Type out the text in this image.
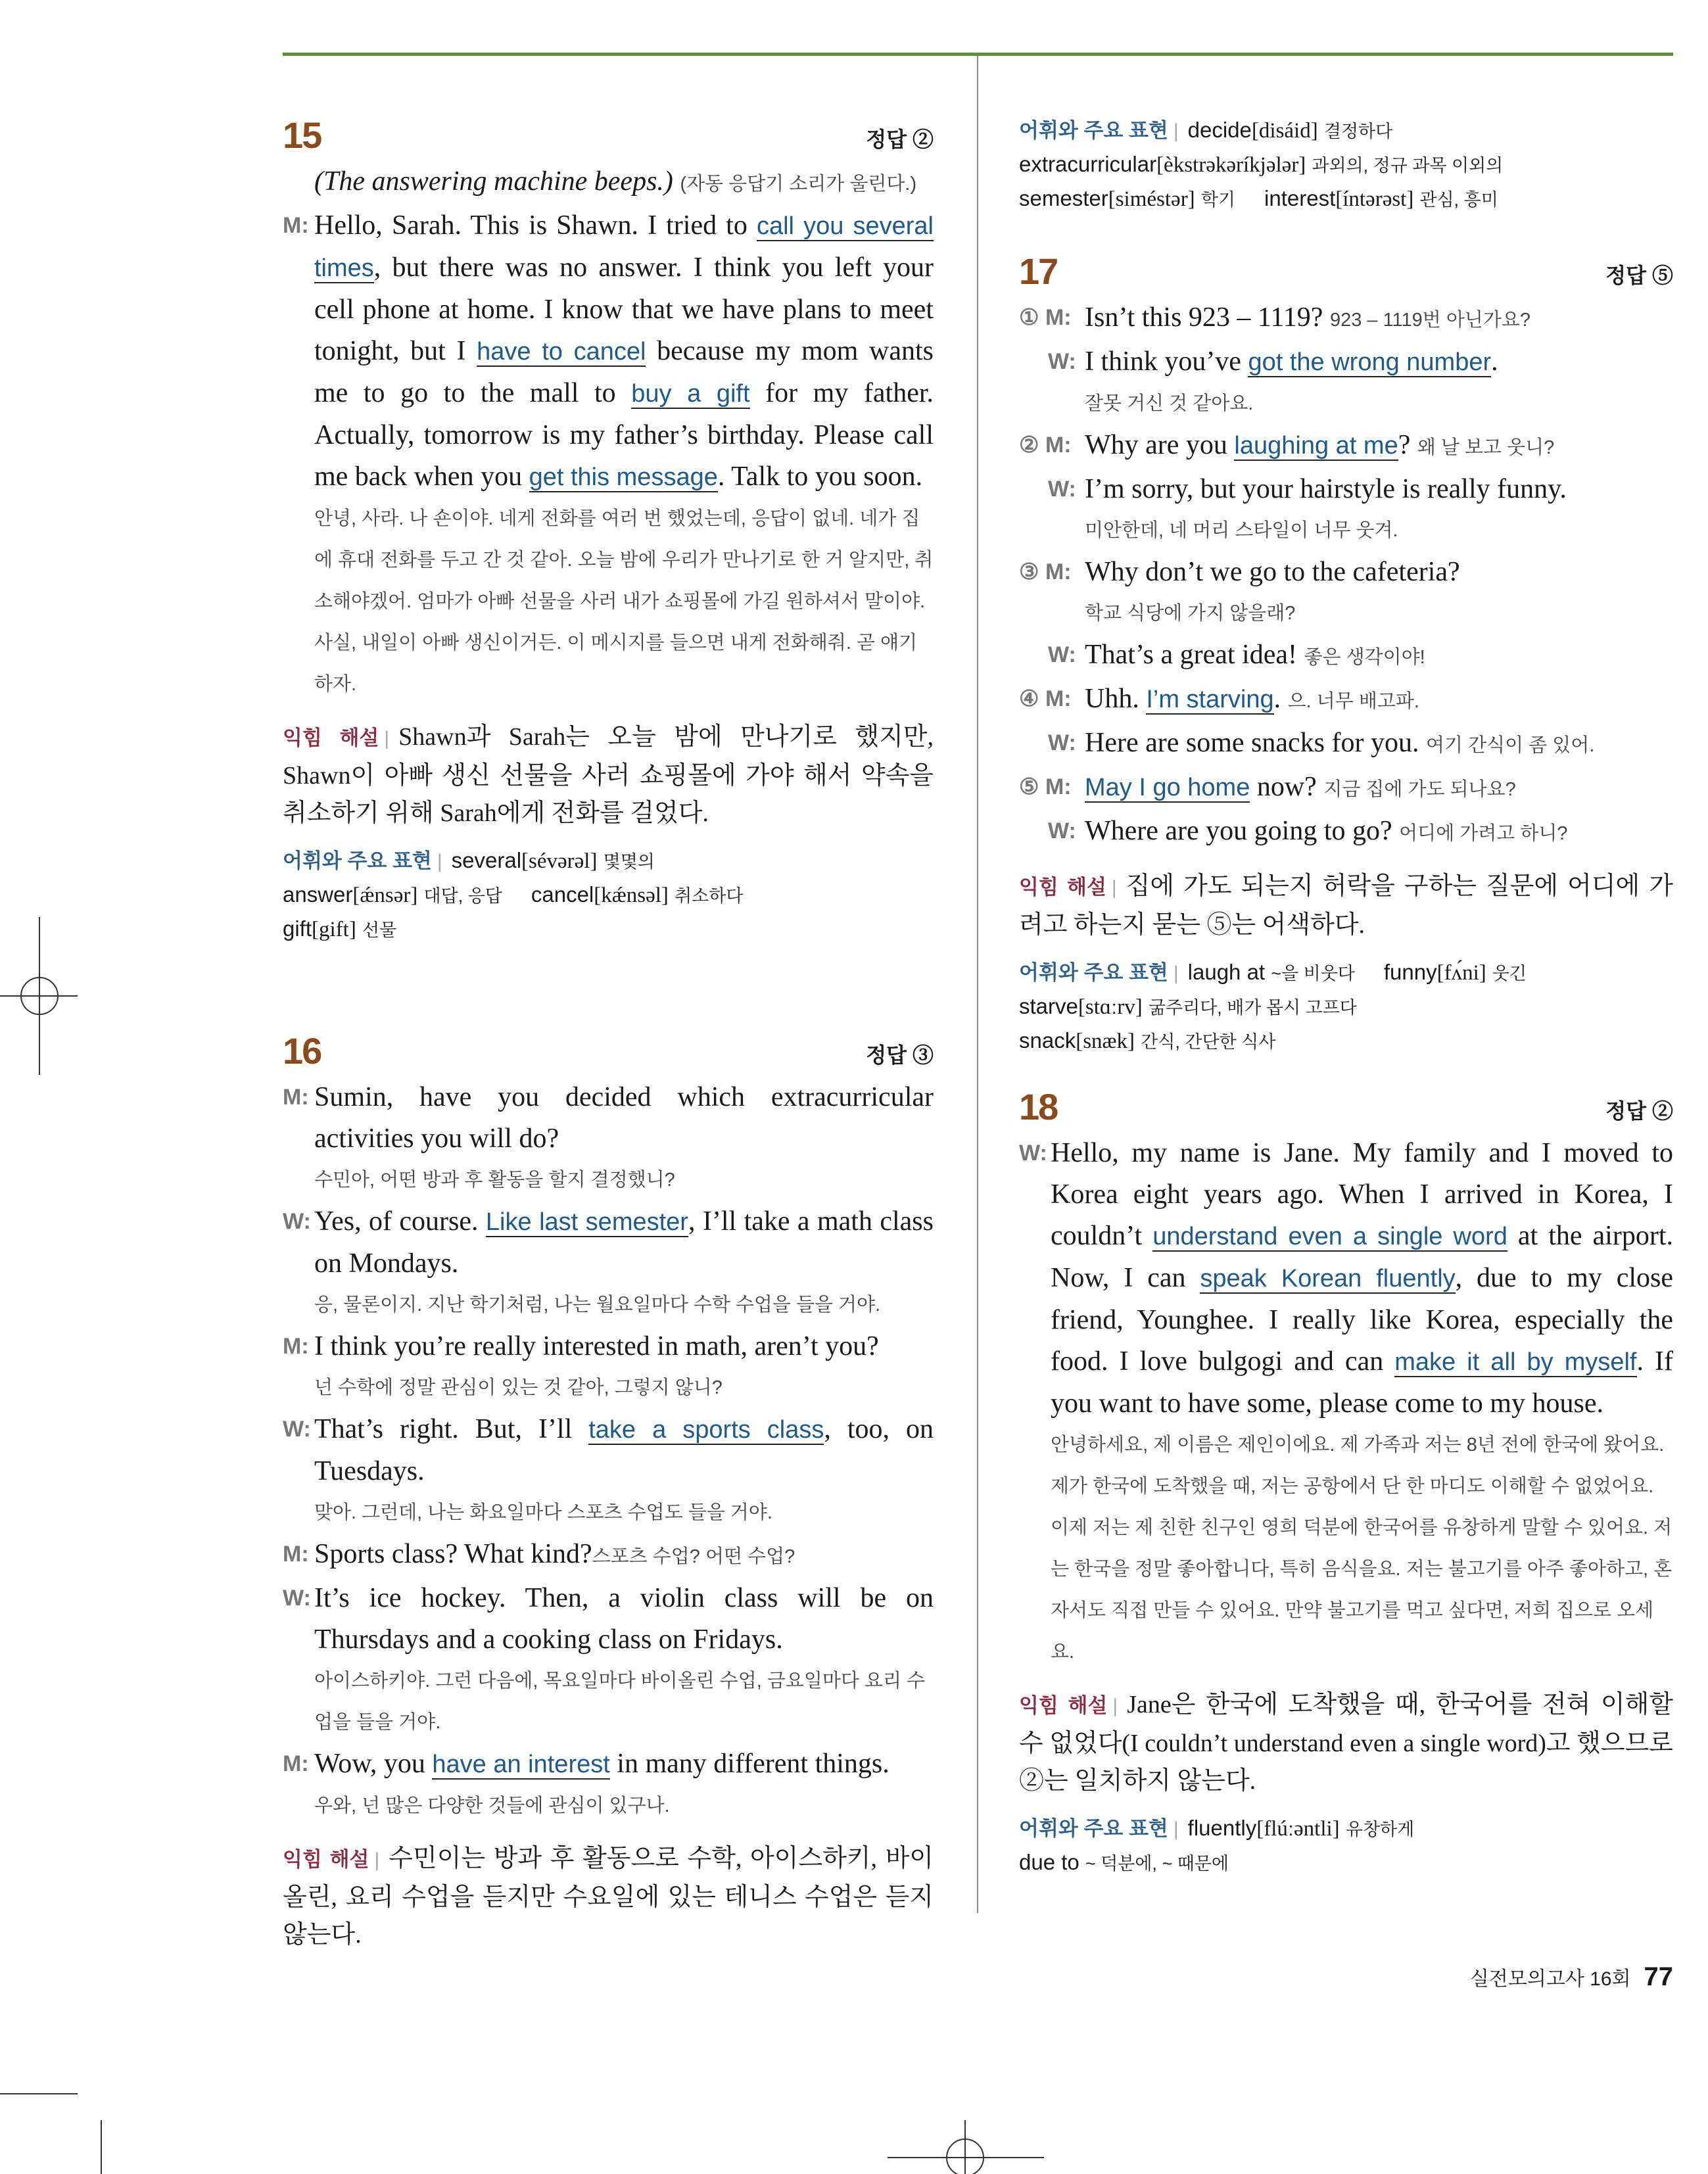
15	정답 ②
(The answering machine beeps.) (자동 응답기 소리가 울린다.)
M: Hello, Sarah. This is Shawn. I tried to call you several times, but there was no answer. I think you left your cell phone at home. I know that we have plans to meet tonight, but I have to cancel because my mom wants me to go to the mall to buy a gift for my father. Actually, tomorrow is my father’s birthday. Please call me back when you get this message. Talk to you soon.
안녕, 사라. 나 숀이야. 네게 전화를 여러 번 했었는데, 응답이 없네. 네가 집에 휴대 전화를 두고 간 것 같아. 오늘 밤에 우리가 만나기로 한 거 알지만, 취소해야겠어. 엄마가 아빠 선물을 사러 내가 쇼핑몰에 가길 원하셔서 말이야. 사실, 내일이 아빠 생신이거든. 이 메시지를 들으면 내게 전화해줘. 곧 얘기하자.
익힘 해설 | Shawn과 Sarah는 오늘 밤에 만나기로 했지만, Shawn이 아빠 생신 선물을 사러 쇼핑몰에 가야 해서 약속을 취소하기 위해 Sarah에게 전화를 걸었다.
어휘와 주요 표현 | several[sévərəl] 몇몇의
answer[ǽnsər] 대답, 응답 cancel[kǽnsəl] 취소하다
gift[gift] 선물
16	정답 ③
M: Sumin, have you decided which extracurricular activities you will do?
수민아, 어떤 방과 후 활동을 할지 결정했니?
W: Yes, of course. Like last semester, I’ll take a math class on Mondays.
응, 물론이지. 지난 학기처럼, 나는 월요일마다 수학 수업을 들을 거야.
M: I think you’re really interested in math, aren’t you?
넌 수학에 정말 관심이 있는 것 같아, 그렇지 않니?
W: That’s right. But, I’ll take a sports class, too, on Tuesdays.
맞아. 그런데, 나는 화요일마다 스포츠 수업도 들을 거야.
M: Sports class? What kind?스포츠 수업? 어떤 수업?
W: It’s ice hockey. Then, a violin class will be on Thursdays and a cooking class on Fridays.
아이스하키야. 그런 다음에, 목요일마다 바이올린 수업, 금요일마다 요리 수업을 들을 거야.
M: Wow, you have an interest in many different things.
우와, 넌 많은 다양한 것들에 관심이 있구나.
익힘 해설 | 수민이는 방과 후 활동으로 수학, 아이스하키, 바이올린, 요리 수업을 듣지만 수요일에 있는 테니스 수업은 듣지 않는다.
어휘와 주요 표현 | decide[disáid] 결정하다
extracurricular[èkstrəkəríkjələr] 과외의, 정규 과목 이외의
semester[siméstər] 학기 interest[íntərəst] 관심, 흥미
17	정답 ⑤
① M: Isn’t this 923 – 1119? 923 – 1119번 아닌가요?
W: I think you’ve got the wrong number.
잘못 거신 것 같아요.
② M: Why are you laughing at me? 왜 날 보고 웃니?
W: I’m sorry, but your hairstyle is really funny.
미안한데, 네 머리 스타일이 너무 웃겨.
③ M: Why don’t we go to the cafeteria?
학교 식당에 가지 않을래?
W: That’s a great idea! 좋은 생각이야!
④ M: Uhh. I’m starving. 으. 너무 배고파.
W: Here are some snacks for you. 여기 간식이 좀 있어.
⑤ M: May I go home now? 지금 집에 가도 되나요?
W: Where are you going to go? 어디에 가려고 하니?
익힘 해설 | 집에 가도 되는지 허락을 구하는 질문에 어디에 가려고 하는지 묻는 ⑤는 어색하다.
어휘와 주요 표현 | laugh at ~을 비웃다 funny[fʌ́ni] 웃긴
starve[stɑːrv] 굶주리다, 배가 몹시 고프다
snack[snæk] 간식, 간단한 식사
18	정답 ②
W: Hello, my name is Jane. My family and I moved to Korea eight years ago. When I arrived in Korea, I couldn’t understand even a single word at the airport. Now, I can speak Korean fluently, due to my close friend, Younghee. I really like Korea, especially the food. I love bulgogi and can make it all by myself. If you want to have some, please come to my house.
안녕하세요, 제 이름은 제인이에요. 제 가족과 저는 8년 전에 한국에 왔어요. 제가 한국에 도착했을 때, 저는 공항에서 단 한 마디도 이해할 수 없었어요. 이제 저는 제 친한 친구인 영희 덕분에 한국어를 유창하게 말할 수 있어요. 저는 한국을 정말 좋아합니다, 특히 음식을요. 저는 불고기를 아주 좋아하고, 혼자서도 직접 만들 수 있어요. 만약 불고기를 먹고 싶다면, 저희 집으로 오세요.
익힘 해설 | Jane은 한국에 도착했을 때, 한국어를 전혀 이해할 수 없었다(I couldn’t understand even a single word)고 했으므로 ②는 일치하지 않는다.
어휘와 주요 표현 | fluently[flúːəntli] 유창하게
due to ~ 덕분에, ~ 때문에
실전모의고사 16회 77
